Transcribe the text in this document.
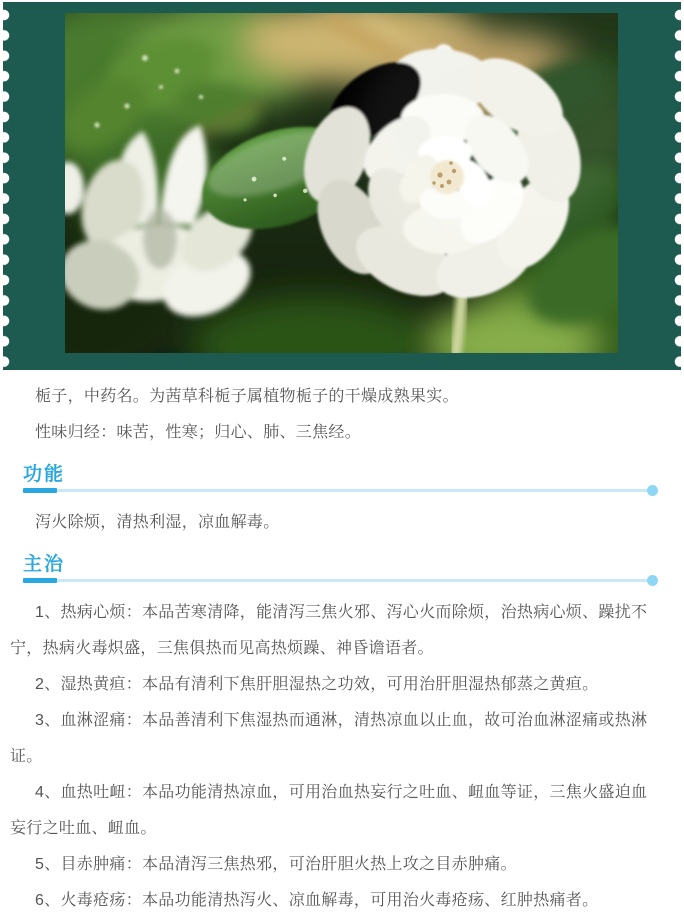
栀子，中药名。为茜草科栀子属植物栀子的干燥成熟果实。

性味归经：味苦，性寒；归心、肺、三焦经。

功能

泻火除烦，清热利湿，凉血解毒。

主治

1、热病心烦：本品苦寒清降，能清泻三焦火邪、泻心火而除烦，治热病心烦、躁扰不宁，热病火毒炽盛，三焦俱热而见高热烦躁、神昏谵语者。

2、湿热黄疸：本品有清利下焦肝胆湿热之功效，可用治肝胆湿热郁蒸之黄疸。

3、血淋涩痛：本品善清利下焦湿热而通淋，清热凉血以止血，故可治血淋涩痛或热淋证。

4、血热吐衄：本品功能清热凉血，可用治血热妄行之吐血、衄血等证，三焦火盛迫血妄行之吐血、衄血。

5、目赤肿痛：本品清泻三焦热邪，可治肝胆火热上攻之目赤肿痛。

6、火毒疮疡：本品功能清热泻火、凉血解毒，可用治火毒疮疡、红肿热痛者。
